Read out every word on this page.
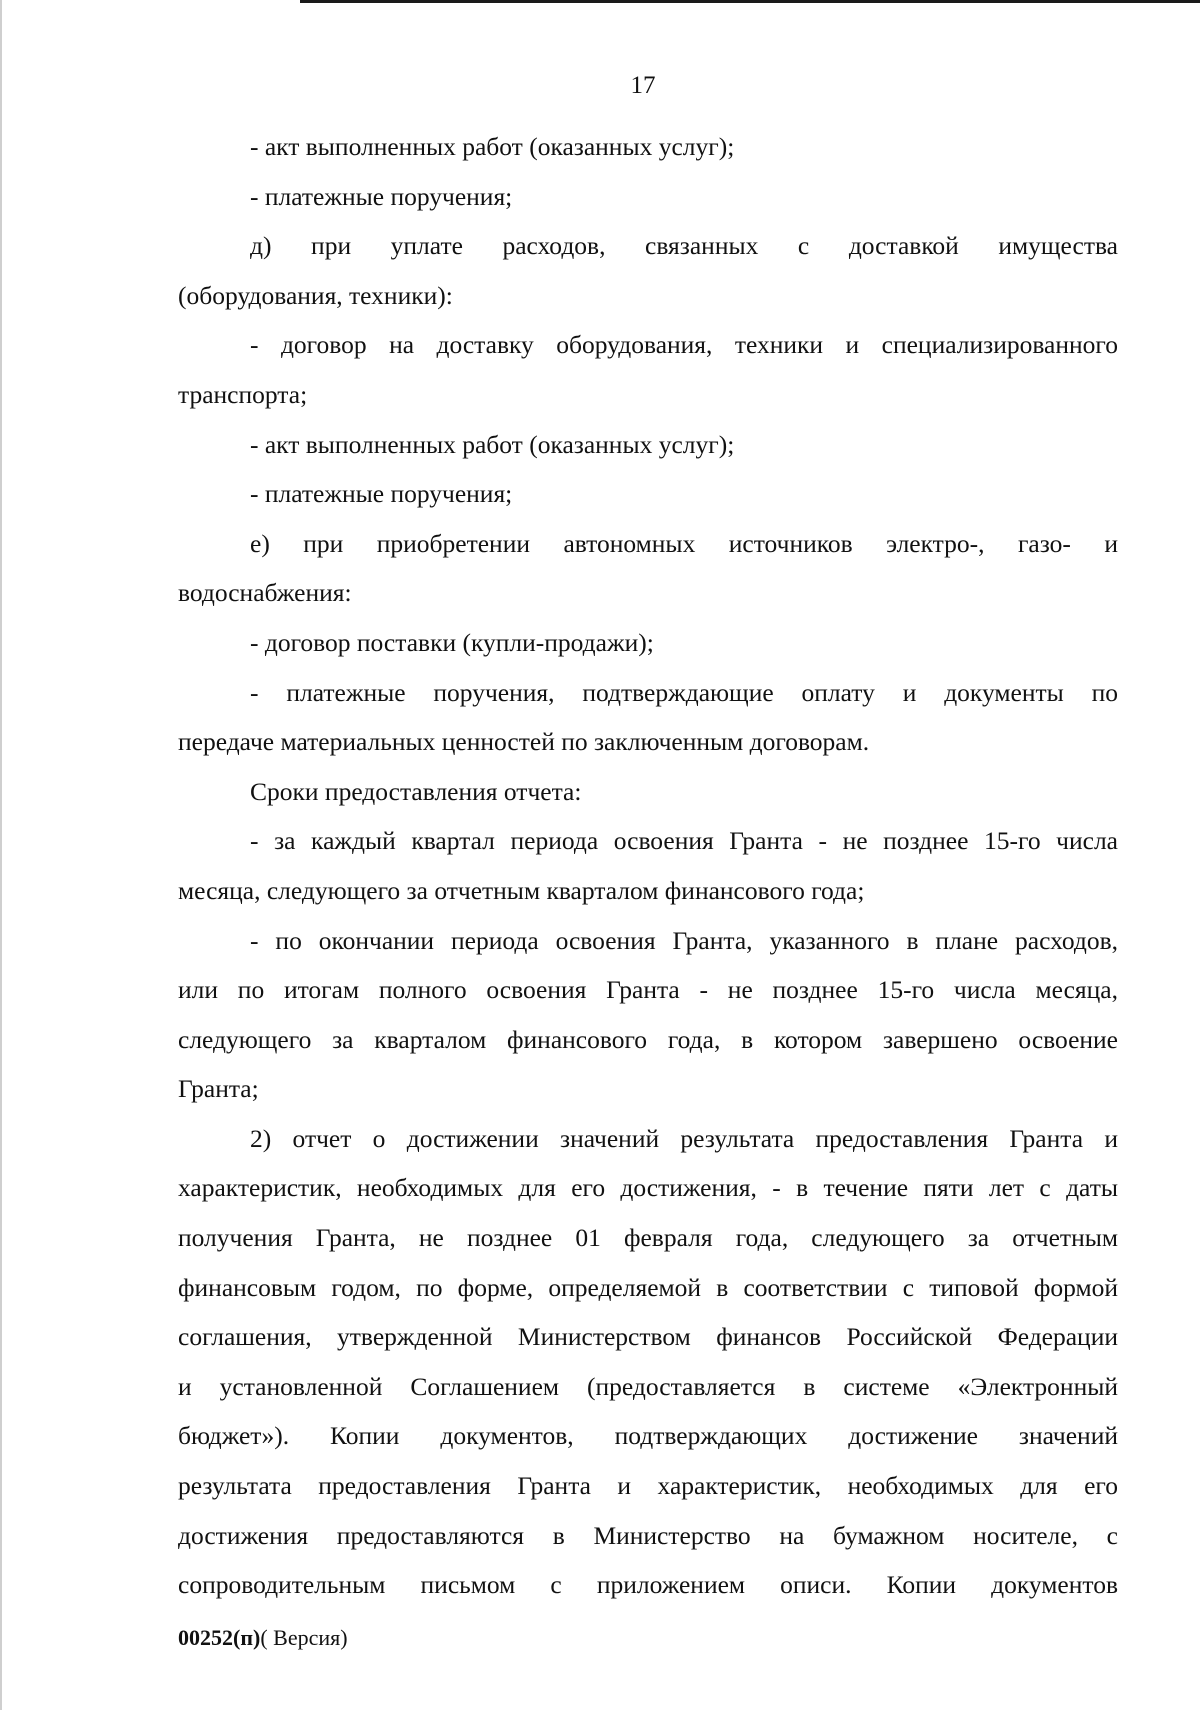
17
- акт выполненных работ (оказанных услуг);
- платежные поручения;
д) при уплате расходов, связанных с доставкой имущества
(оборудования, техники):
- договор на доставку оборудования, техники и специализированного
транспорта;
- акт выполненных работ (оказанных услуг);
- платежные поручения;
е) при приобретении автономных источников электро-, газо- и
водоснабжения:
- договор поставки (купли-продажи);
- платежные поручения, подтверждающие оплату и документы по
передаче материальных ценностей по заключенным договорам.
Сроки предоставления отчета:
- за каждый квартал периода освоения Гранта - не позднее 15-го числа
месяца, следующего за отчетным кварталом финансового года;
- по окончании периода освоения Гранта, указанного в плане расходов,
или по итогам полного освоения Гранта - не позднее 15-го числа месяца,
следующего за кварталом финансового года, в котором завершено освоение
Гранта;
2) отчет о достижении значений результата предоставления Гранта и
характеристик, необходимых для его достижения, - в течение пяти лет с даты
получения Гранта, не позднее 01 февраля года, следующего за отчетным
финансовым годом, по форме, определяемой в соответствии с типовой формой
соглашения, утвержденной Министерством финансов Российской Федерации
и установленной Соглашением (предоставляется в системе «Электронный
бюджет»). Копии документов, подтверждающих достижение значений
результата предоставления Гранта и характеристик, необходимых для его
достижения предоставляются в Министерство на бумажном носителе, с
сопроводительным письмом с приложением описи. Копии документов
00252(п)( Версия)
